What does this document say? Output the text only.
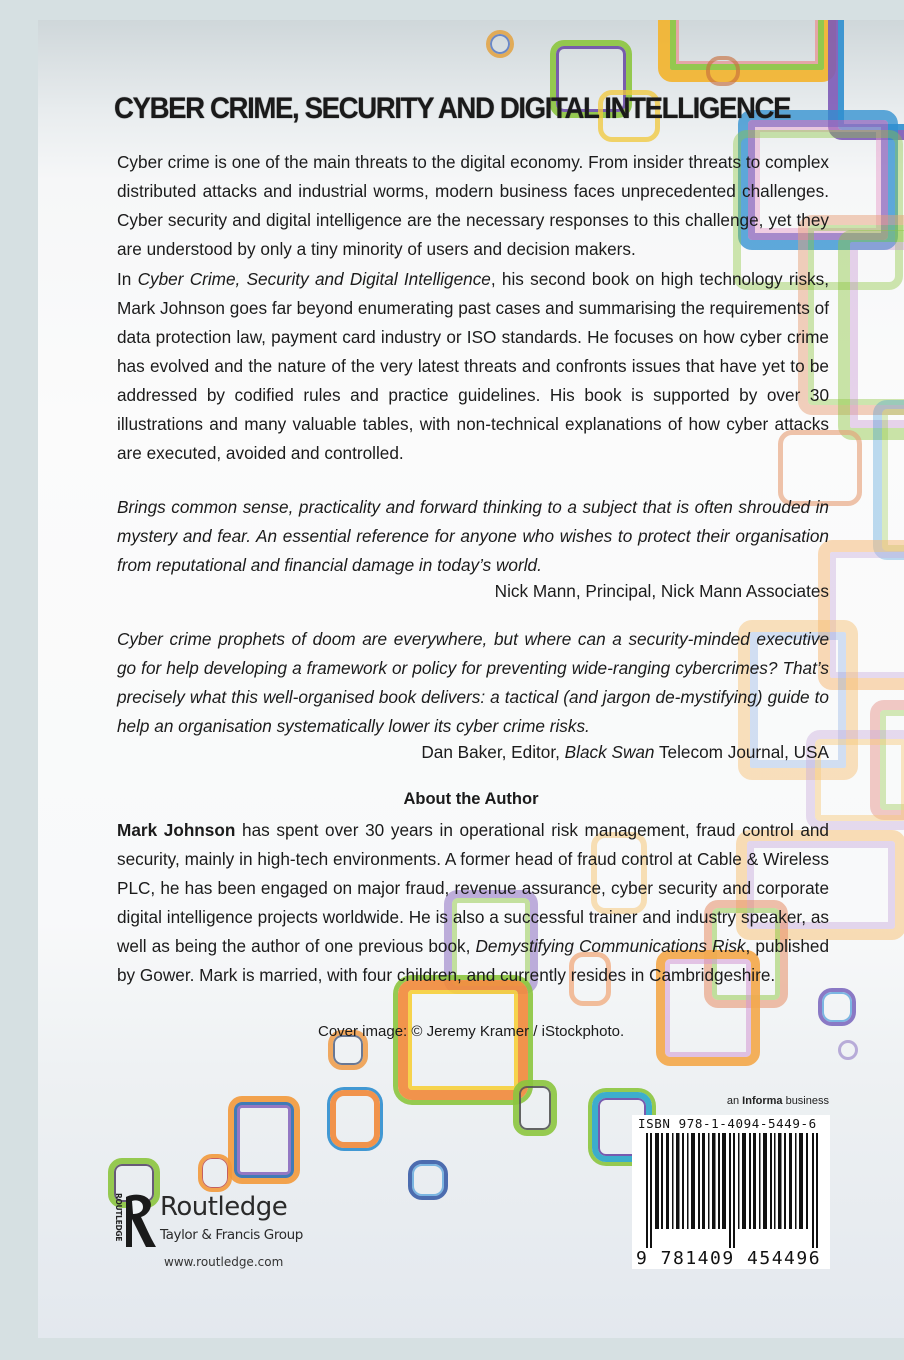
CYBER CRIME, SECURITY AND DIGITAL INTELLIGENCE

Cyber crime is one of the main threats to the digital economy. From insider threats to complex distributed attacks and industrial worms, modern business faces unprecedented challenges. Cyber security and digital intelligence are the necessary responses to this challenge, yet they are understood by only a tiny minority of users and decision makers.

In Cyber Crime, Security and Digital Intelligence, his second book on high technology risks, Mark Johnson goes far beyond enumerating past cases and summarising the requirements of data protection law, payment card industry or ISO standards. He focuses on how cyber crime has evolved and the nature of the very latest threats and confronts issues that have yet to be addressed by codified rules and practice guidelines. His book is supported by over 30 illustrations and many valuable tables, with non-technical explanations of how cyber attacks are executed, avoided and controlled.

Brings common sense, practicality and forward thinking to a subject that is often shrouded in mystery and fear. An essential reference for anyone who wishes to protect their organisation from reputational and financial damage in today’s world.

Nick Mann, Principal, Nick Mann Associates

Cyber crime prophets of doom are everywhere, but where can a security-minded executive go for help developing a framework or policy for preventing wide-ranging cybercrimes? That’s precisely what this well-organised book delivers: a tactical (and jargon de-mystifying) guide to help an organisation systematically lower its cyber crime risks.

Dan Baker, Editor, Black Swan Telecom Journal, USA
About the Author

Mark Johnson has spent over 30 years in operational risk management, fraud control and security, mainly in high-tech environments. A former head of fraud control at Cable & Wireless PLC, he has been engaged on major fraud, revenue assurance, cyber security and corporate digital intelligence projects worldwide. He is also a successful trainer and industry speaker, as well as being the author of one previous book, Demystifying Communications Risk, published by Gower. Mark is married, with four children, and currently resides in Cambridgeshire.

Cover image: © Jeremy Kramer / iStockphoto.
an Informa business
ISBN 978-1-4094-5449-6
9 781409 454496
ROUTLEDGE Routledge
Taylor & Francis Group
www.routledge.com
